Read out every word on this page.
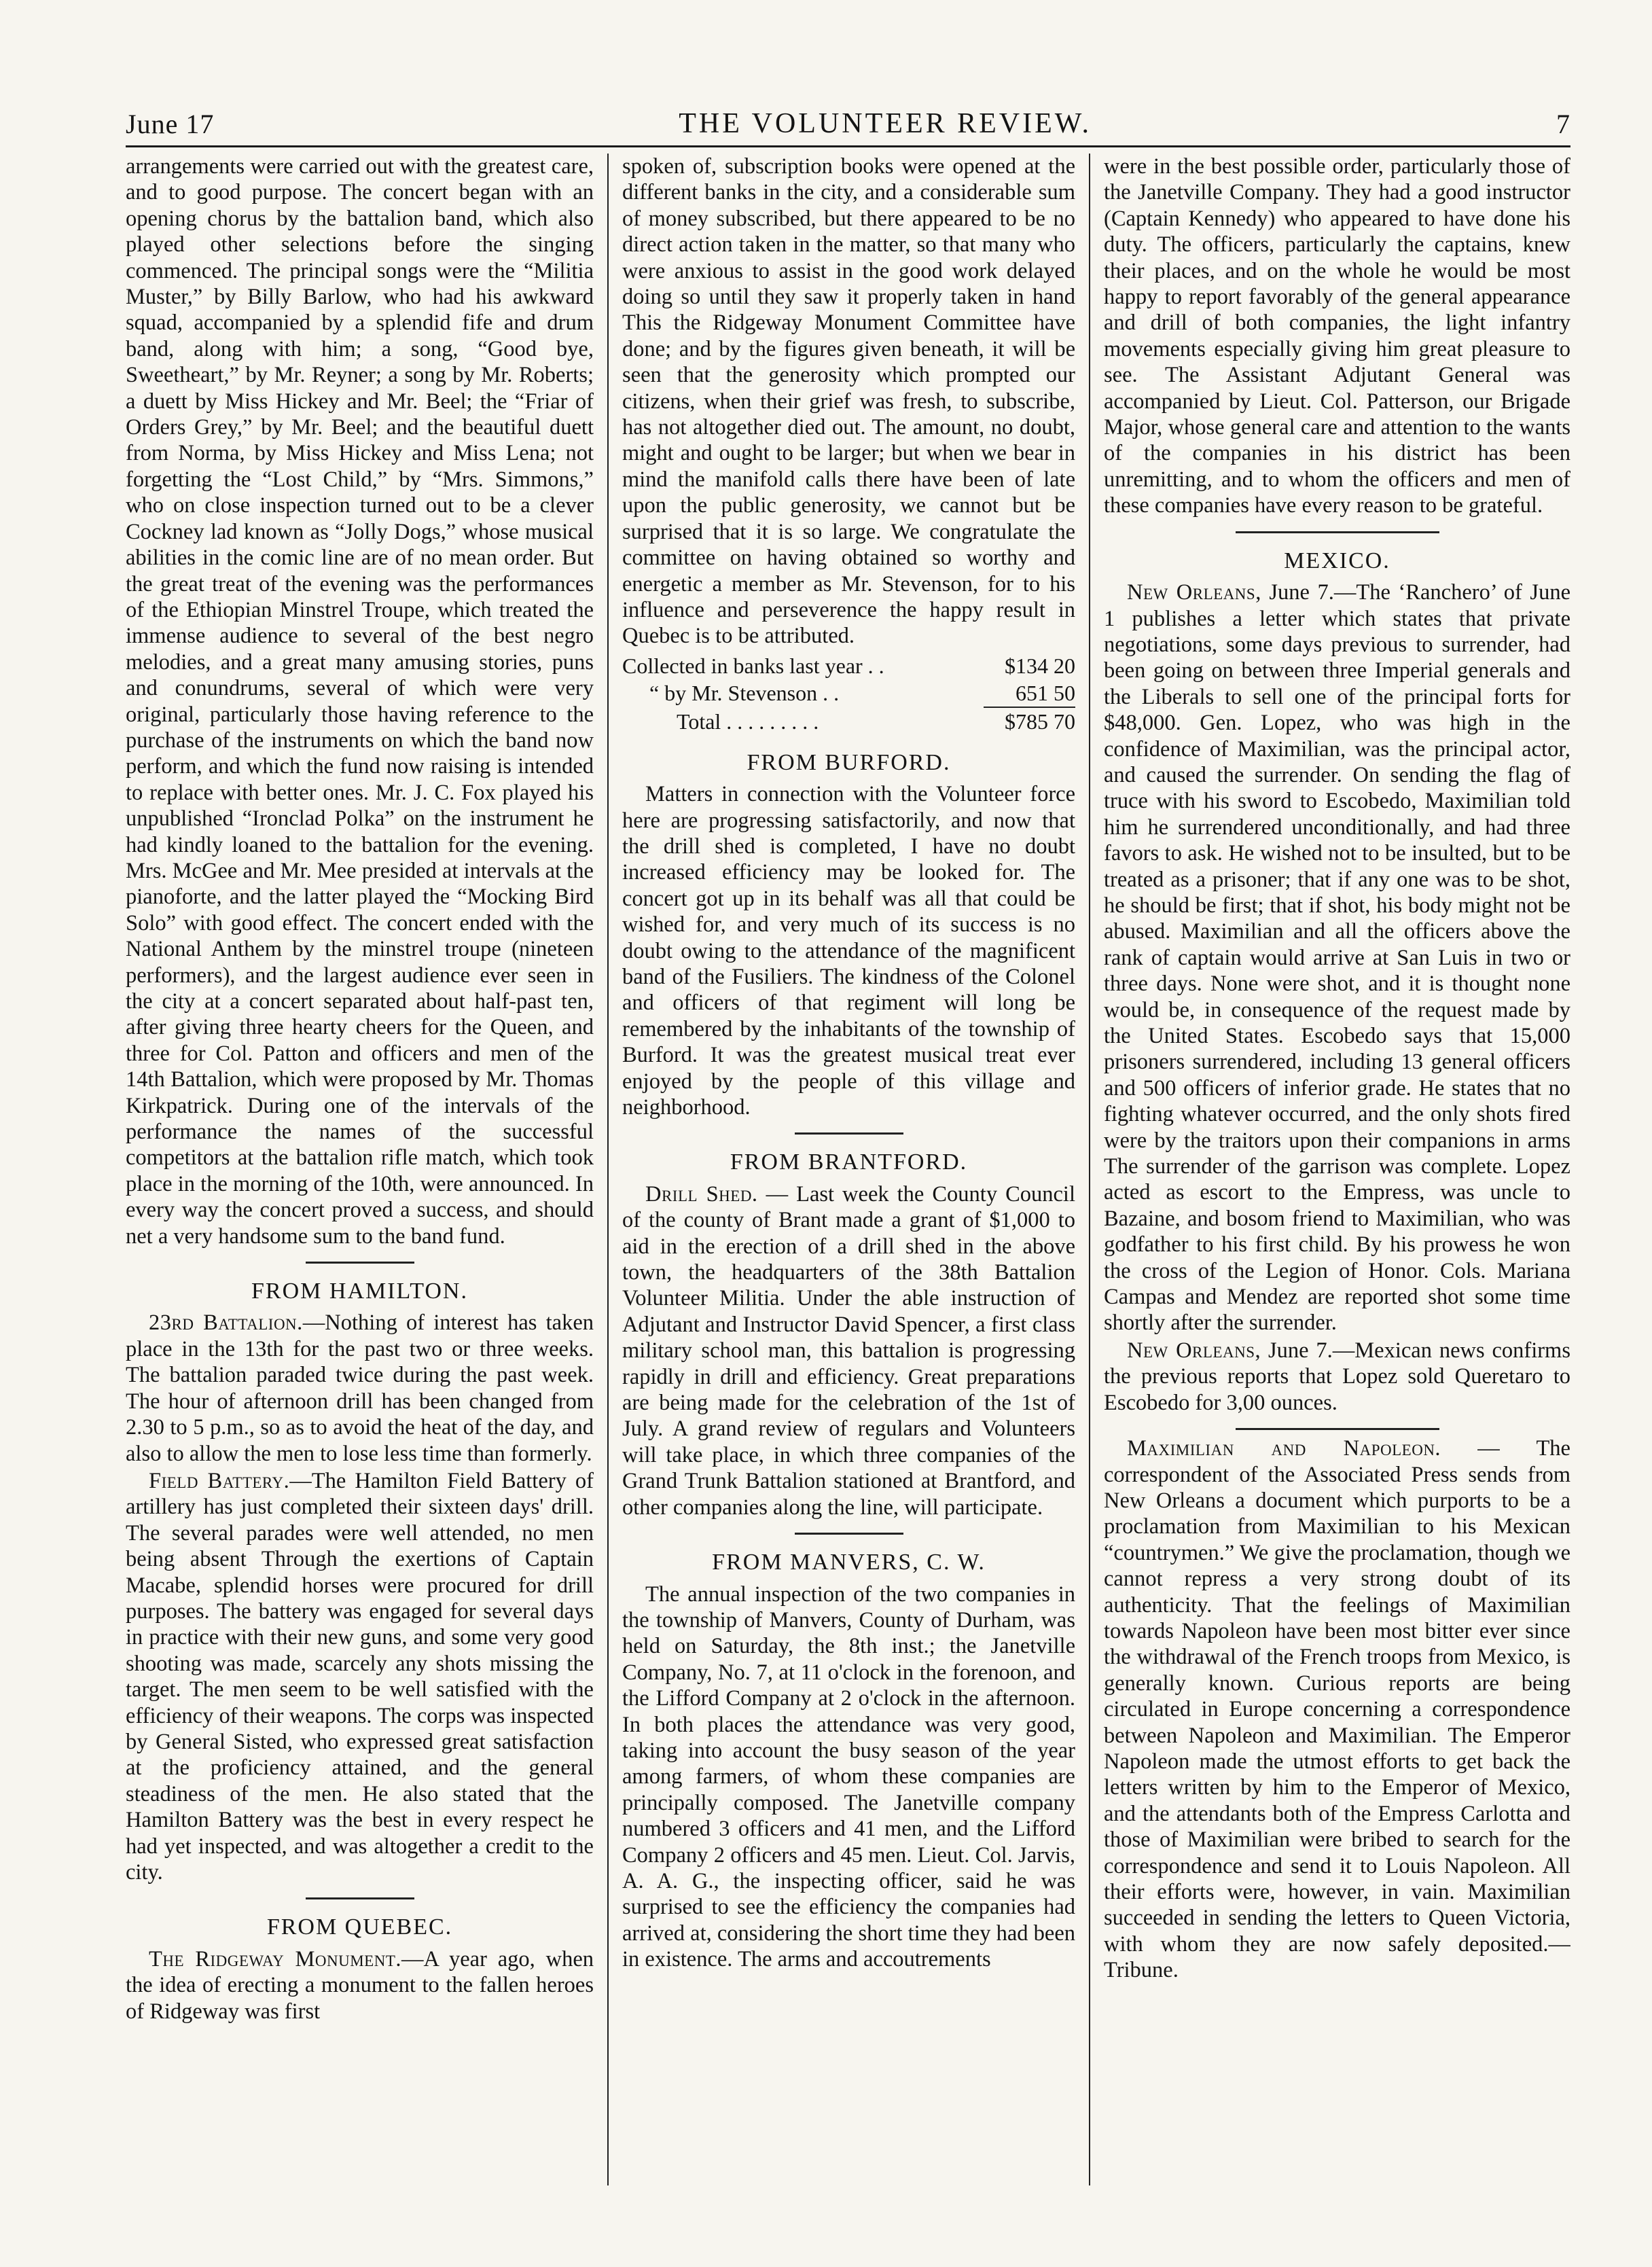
June 17	THE VOLUNTEER REVIEW.	7

arrangements were carried out with the greatest care, and to good purpose. The concert began with an opening chorus by the battalion band, which also played other selections before the singing commenced. The principal songs were the “Militia Muster,” by Billy Barlow, who had his awkward squad, accompanied by a splendid fife and drum band, along with him; a song, “Good bye, Sweetheart,” by Mr. Reyner; a song by Mr. Roberts; a duett by Miss Hickey and Mr. Beel; the “Friar of Orders Grey,” by Mr. Beel; and the beautiful duett from Norma, by Miss Hickey and Miss Lena; not forgetting the “Lost Child,” by “Mrs. Simmons,” who on close inspection turned out to be a clever Cockney lad known as “Jolly Dogs,” whose musical abilities in the comic line are of no mean order. But the great treat of the evening was the performances of the Ethiopian Minstrel Troupe, which treated the immense audience to several of the best negro melodies, and a great many amusing stories, puns and conundrums, several of which were very original, particularly those having reference to the purchase of the instruments on which the band now perform, and which the fund now raising is intended to replace with better ones. Mr. J. C. Fox played his unpublished “Ironclad Polka” on the instrument he had kindly loaned to the battalion for the evening. Mrs. McGee and Mr. Mee presided at intervals at the pianoforte, and the latter played the “Mocking Bird Solo” with good effect. The concert ended with the National Anthem by the minstrel troupe (nineteen performers), and the largest audience ever seen in the city at a concert separated about half-past ten, after giving three hearty cheers for the Queen, and three for Col. Patton and officers and men of the 14th Battalion, which were proposed by Mr. Thomas Kirkpatrick. During one of the intervals of the performance the names of the successful competitors at the battalion rifle match, which took place in the morning of the 10th, were announced. In every way the concert proved a success, and should net a very handsome sum to the band fund.

FROM HAMILTON.

23rd Battalion.—Nothing of interest has taken place in the 13th for the past two or three weeks. The battalion paraded twice during the past week. The hour of afternoon drill has been changed from 2.30 to 5 p.m., so as to avoid the heat of the day, and also to allow the men to lose less time than formerly.

Field Battery.—The Hamilton Field Battery of artillery has just completed their sixteen days' drill. The several parades were well attended, no men being absent Through the exertions of Captain Macabe, splendid horses were procured for drill purposes. The battery was engaged for several days in practice with their new guns, and some very good shooting was made, scarcely any shots missing the target. The men seem to be well satisfied with the efficiency of their weapons. The corps was inspected by General Sisted, who expressed great satisfaction at the proficiency attained, and the general steadiness of the men. He also stated that the Hamilton Battery was the best in every respect he had yet inspected, and was altogether a credit to the city.

FROM QUEBEC.

The Ridgeway Monument.—A year ago, when the idea of erecting a monument to the fallen heroes of Ridgeway was first

spoken of, subscription books were opened at the different banks in the city, and a considerable sum of money subscribed, but there appeared to be no direct action taken in the matter, so that many who were anxious to assist in the good work delayed doing so until they saw it properly taken in hand This the Ridgeway Monument Committee have done; and by the figures given beneath, it will be seen that the generosity which prompted our citizens, when their grief was fresh, to subscribe, has not altogether died out. The amount, no doubt, might and ought to be larger; but when we bear in mind the manifold calls there have been of late upon the public generosity, we cannot but be surprised that it is so large. We congratulate the committee on having obtained so worthy and energetic a member as Mr. Stevenson, for to his influence and perseverence the happy result in Quebec is to be attributed.

Collected in banks last year . .	$134 20
“ by Mr. Stevenson . .	651 50
Total . . . . . . . . .	$785 70
FROM BURFORD.

Matters in connection with the Volunteer force here are progressing satisfactorily, and now that the drill shed is completed, I have no doubt increased efficiency may be looked for. The concert got up in its behalf was all that could be wished for, and very much of its success is no doubt owing to the attendance of the magnificent band of the Fusiliers. The kindness of the Colonel and officers of that regiment will long be remembered by the inhabitants of the township of Burford. It was the greatest musical treat ever enjoyed by the people of this village and neighborhood.

FROM BRANTFORD.

Drill Shed. — Last week the County Council of the county of Brant made a grant of $1,000 to aid in the erection of a drill shed in the above town, the headquarters of the 38th Battalion Volunteer Militia. Under the able instruction of Adjutant and Instructor David Spencer, a first class military school man, this battalion is progressing rapidly in drill and efficiency. Great preparations are being made for the celebration of the 1st of July. A grand review of regulars and Volunteers will take place, in which three companies of the Grand Trunk Battalion stationed at Brantford, and other companies along the line, will participate.

FROM MANVERS, C. W.

The annual inspection of the two companies in the township of Manvers, County of Durham, was held on Saturday, the 8th inst.; the Janetville Company, No. 7, at 11 o'clock in the forenoon, and the Lifford Company at 2 o'clock in the afternoon. In both places the attendance was very good, taking into account the busy season of the year among farmers, of whom these companies are principally composed. The Janetville company numbered 3 officers and 41 men, and the Lifford Company 2 officers and 45 men. Lieut. Col. Jarvis, A. A. G., the inspecting officer, said he was surprised to see the efficiency the companies had arrived at, considering the short time they had been in existence. The arms and accoutrements

were in the best possible order, particularly those of the Janetville Company. They had a good instructor (Captain Kennedy) who appeared to have done his duty. The officers, particularly the captains, knew their places, and on the whole he would be most happy to report favorably of the general appearance and drill of both companies, the light infantry movements especially giving him great pleasure to see. The Assistant Adjutant General was accompanied by Lieut. Col. Patterson, our Brigade Major, whose general care and attention to the wants of the companies in his district has been unremitting, and to whom the officers and men of these companies have every reason to be grateful.

MEXICO.

New Orleans, June 7.—The ‘Ranchero’ of June 1 publishes a letter which states that private negotiations, some days previous to surrender, had been going on between three Imperial generals and the Liberals to sell one of the principal forts for $48,000. Gen. Lopez, who was high in the confidence of Maximilian, was the principal actor, and caused the surrender. On sending the flag of truce with his sword to Escobedo, Maximilian told him he surrendered unconditionally, and had three favors to ask. He wished not to be insulted, but to be treated as a prisoner; that if any one was to be shot, he should be first; that if shot, his body might not be abused. Maximilian and all the officers above the rank of captain would arrive at San Luis in two or three days. None were shot, and it is thought none would be, in consequence of the request made by the United States. Escobedo says that 15,000 prisoners surrendered, including 13 general officers and 500 officers of inferior grade. He states that no fighting whatever occurred, and the only shots fired were by the traitors upon their companions in arms The surrender of the garrison was complete. Lopez acted as escort to the Empress, was uncle to Bazaine, and bosom friend to Maximilian, who was godfather to his first child. By his prowess he won the cross of the Legion of Honor. Cols. Mariana Campas and Mendez are reported shot some time shortly after the surrender.

New Orleans, June 7.—Mexican news confirms the previous reports that Lopez sold Queretaro to Escobedo for 3,00 ounces.

Maximilian and Napoleon. — The correspondent of the Associated Press sends from New Orleans a document which purports to be a proclamation from Maximilian to his Mexican “countrymen.” We give the proclamation, though we cannot repress a very strong doubt of its authenticity. That the feelings of Maximilian towards Napoleon have been most bitter ever since the withdrawal of the French troops from Mexico, is generally known. Curious reports are being circulated in Europe concerning a correspondence between Napoleon and Maximilian. The Emperor Napoleon made the utmost efforts to get back the letters written by him to the Emperor of Mexico, and the attendants both of the Empress Carlotta and those of Maximilian were bribed to search for the correspondence and send it to Louis Napoleon. All their efforts were, however, in vain. Maximilian succeeded in sending the letters to Queen Victoria, with whom they are now safely deposited.—Tribune.
